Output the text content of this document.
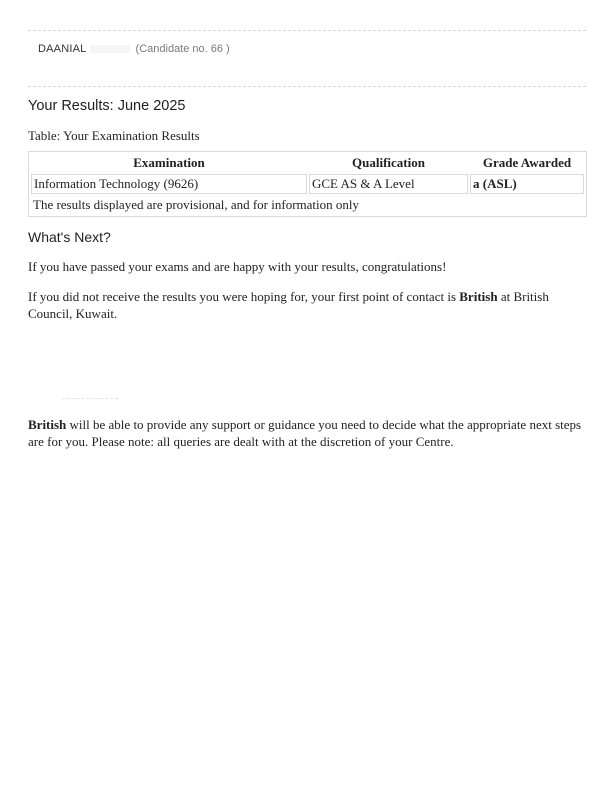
DAANIAL	(Candidate no. 66 )
Your Results: June 2025
Table: Your Examination Results
Examination	Qualification	Grade Awarded
Information Technology (9626)	GCE AS & A Level	a (ASL)
The results displayed are provisional, and for information only		
What's Next?

If you have passed your exams and are happy with your results, congratulations!

If you did not receive the results you were hoping for, your first point of contact is British at British Council, Kuwait.

British will be able to provide any support or guidance you need to decide what the appropriate next steps are for you. Please note: all queries are dealt with at the discretion of your Centre.
